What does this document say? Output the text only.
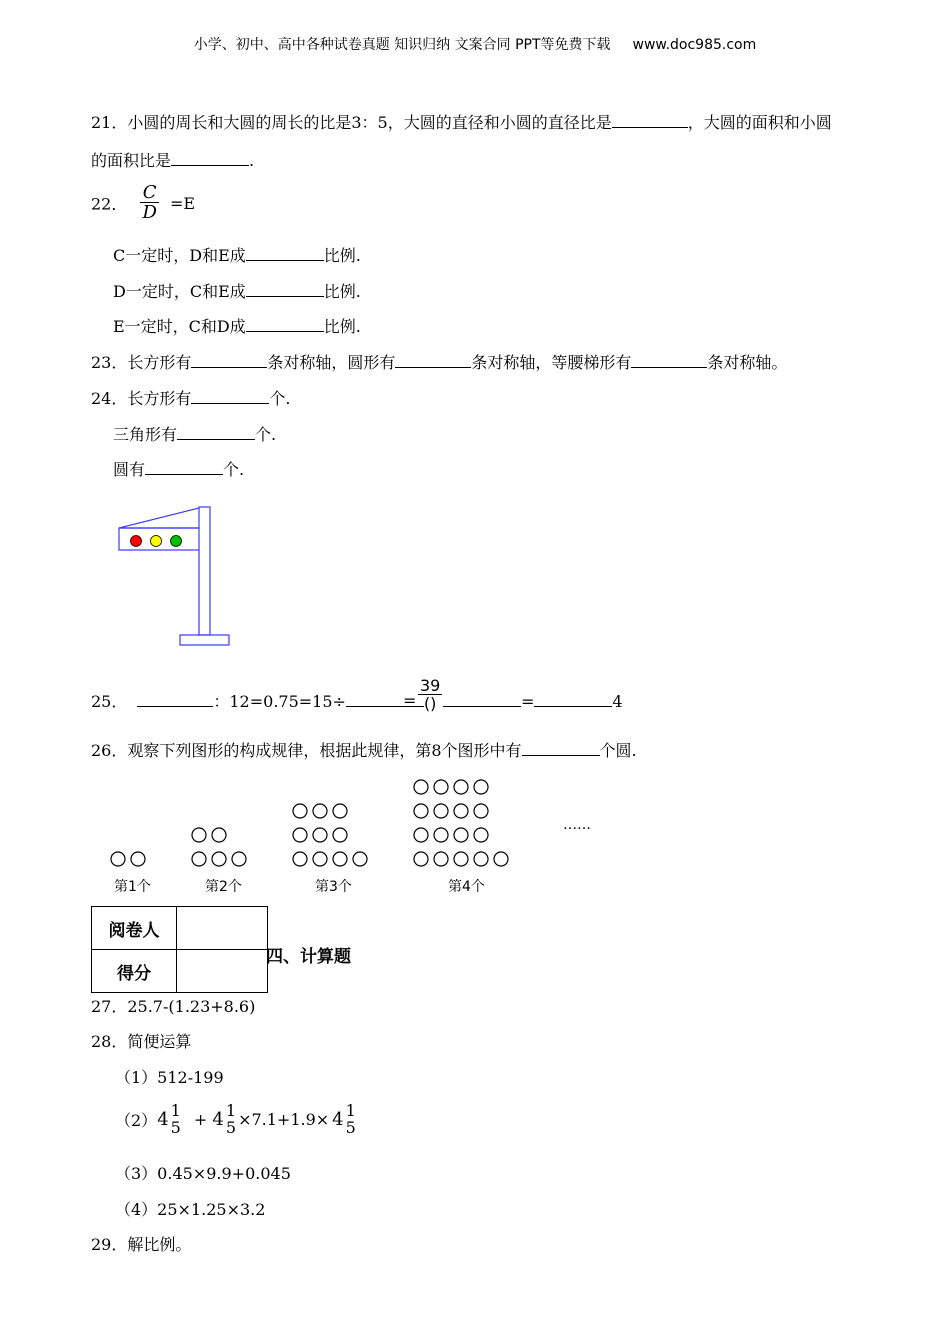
小学、初中、高中各种试卷真题 知识归纳 文案合同 PPT等免费下载 www.doc985.com
21．小圆的周长和大圆的周长的比是3：5，大圆的直径和小圆的直径比是	，大圆的面积和小圆
的面积比是	.
22． $\frac{C}{D} =E$
C一定时，D和E成	比例.
D一定时，C和E成	比例.
E一定时，C和D成	比例.
23．长方形有	条对称轴，圆形有	条对称轴，等腰梯形有	条对称轴。
24．长方形有	个.
三角形有	个.
圆有	个.
25．	：12=0.75=15÷	=
39
()	=	4
26．观察下列图形的构成规律，根据此规律，第8个图形中有	个圆.
第1个	第2个	第3个	第4个
……
阅卷人	
得分	
四、计算题
27．25.7-(1.23+8.6)
28．简便运算
（1）512-199
（2）4 1
5 + 4 1
5 ×7.1+1.9× 4 1
5
（3）0.45×9.9+0.045
（4）25×1.25×3.2
29．解比例。
